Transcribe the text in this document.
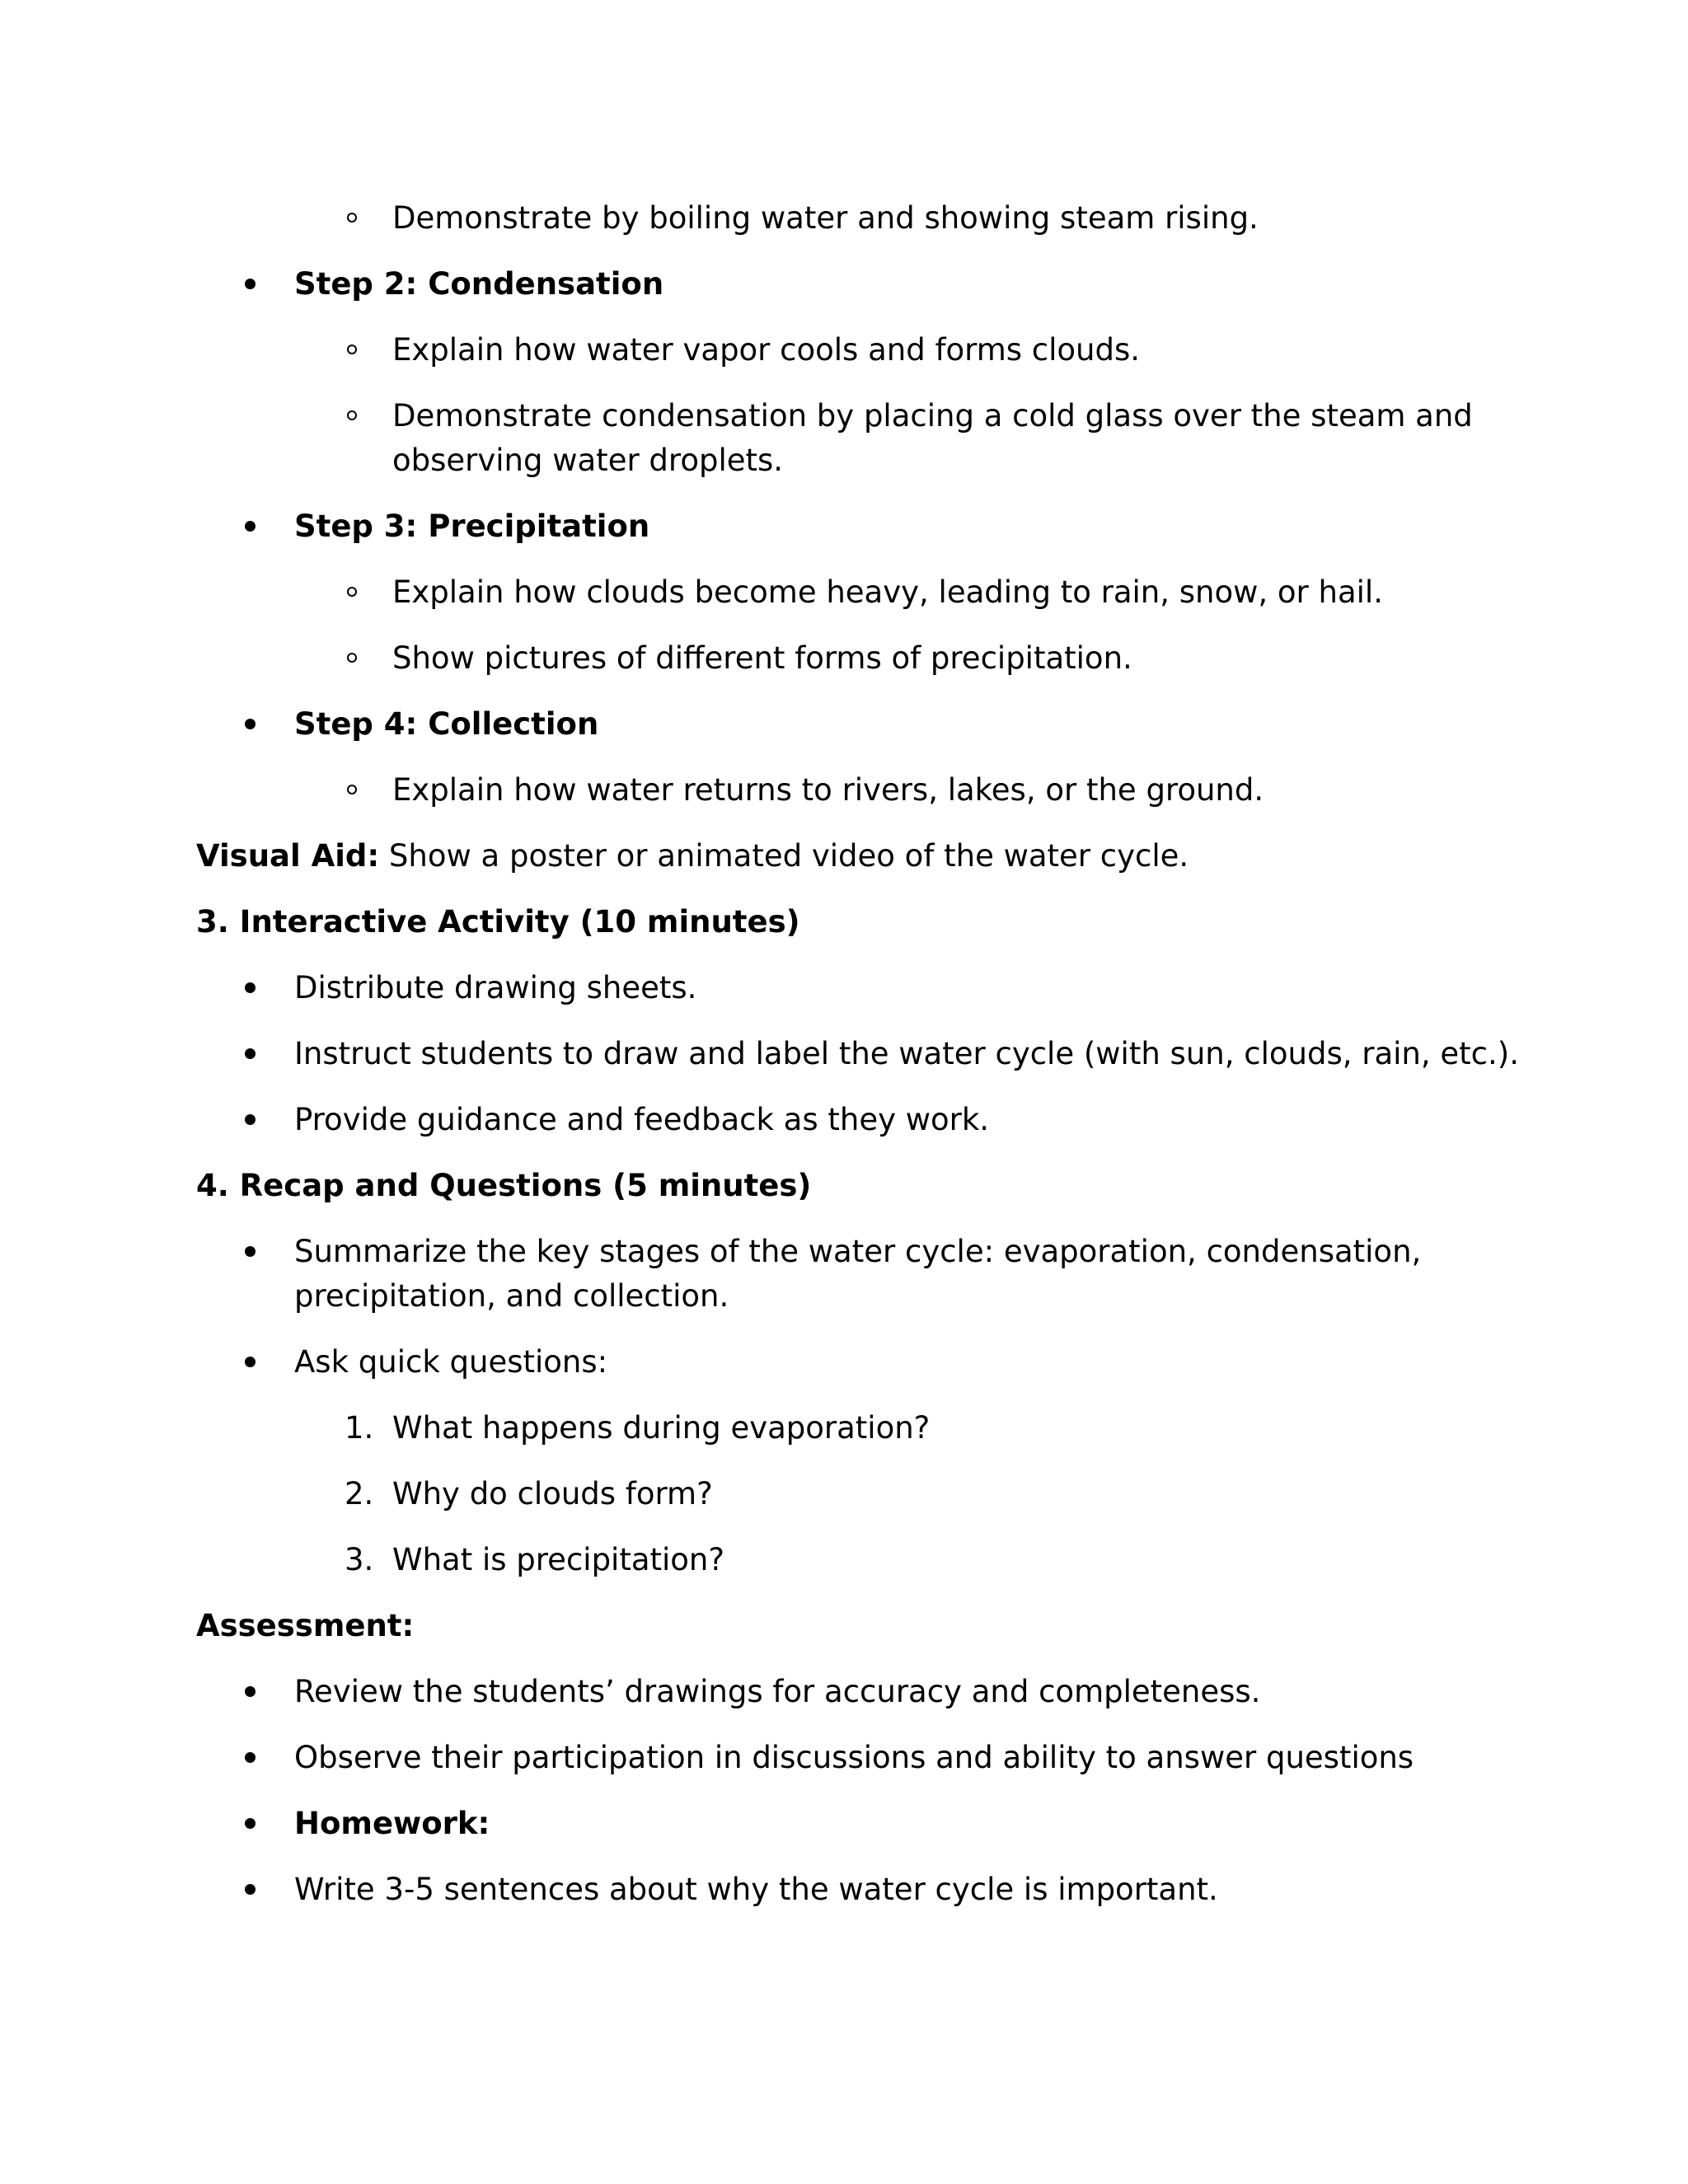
Demonstrate by boiling water and showing steam rising.
Step 2: Condensation
Explain how water vapor cools and forms clouds.
Demonstrate condensation by placing a cold glass over the steam and
observing water droplets.
Step 3: Precipitation
Explain how clouds become heavy, leading to rain, snow, or hail.
Show pictures of different forms of precipitation.
Step 4: Collection
Explain how water returns to rivers, lakes, or the ground.
Visual Aid: Show a poster or animated video of the water cycle.
3. Interactive Activity (10 minutes)
Distribute drawing sheets.
Instruct students to draw and label the water cycle (with sun, clouds, rain, etc.).
Provide guidance and feedback as they work.
4. Recap and Questions (5 minutes)
Summarize the key stages of the water cycle: evaporation, condensation,
precipitation, and collection.
Ask quick questions:
1. What happens during evaporation?
2. Why do clouds form?
3. What is precipitation?
Assessment:
Review the students’ drawings for accuracy and completeness.
Observe their participation in discussions and ability to answer questions
Homework:
Write 3-5 sentences about why the water cycle is important.
